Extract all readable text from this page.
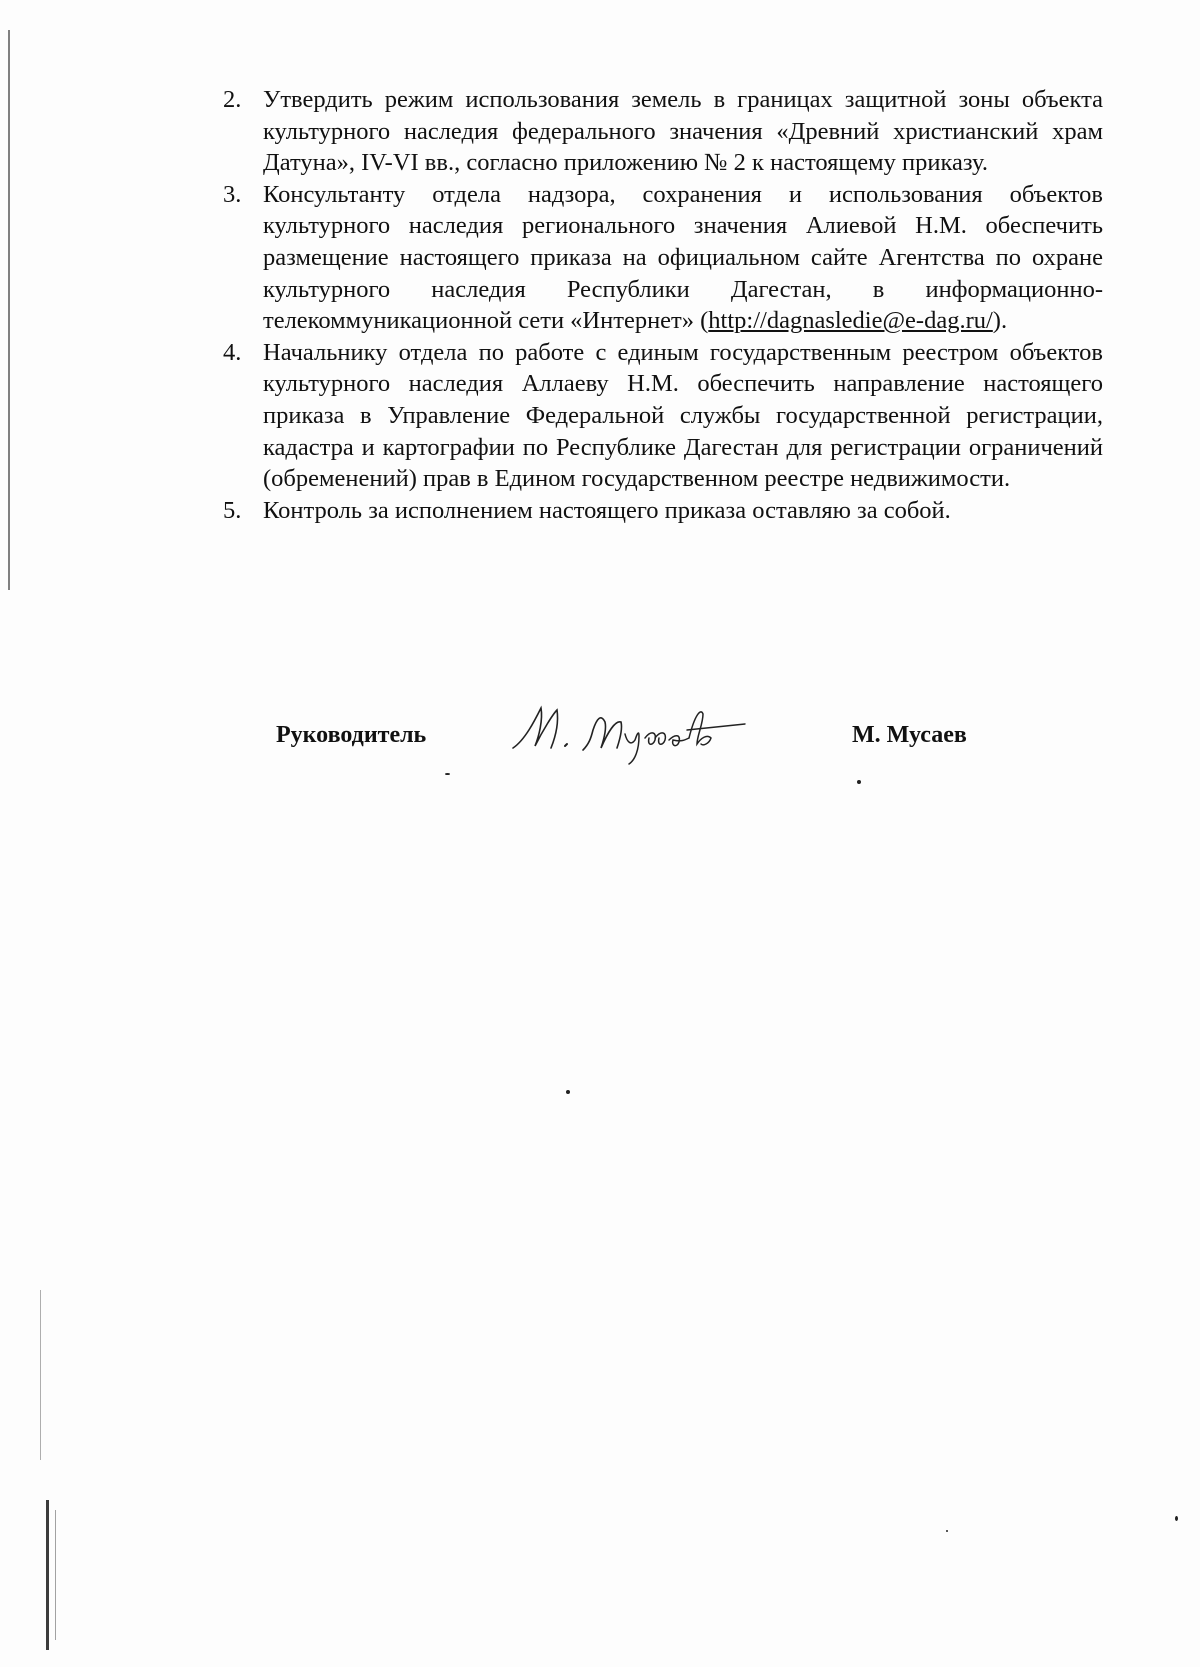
2. Утвердить режим использования земель в границах защитной зоны объекта культурного наследия федерального значения «Древний христианский храм Датуна», IV-VI вв., согласно приложению № 2 к настоящему приказу.
3. Консультанту отдела надзора, сохранения и использования объектов культурного наследия регионального значения Алиевой Н.М. обеспечить размещение настоящего приказа на официальном сайте Агентства по охране культурного наследия Республики Дагестан, в информационно-телекоммуникационной сети «Интернет» (http://dagnasledie@e-dag.ru/).
4. Начальнику отдела по работе с единым государственным реестром объектов культурного наследия Аллаеву Н.М. обеспечить направление настоящего приказа в Управление Федеральной службы государственной регистрации, кадастра и картографии по Республике Дагестан для регистрации ограничений (обременений) прав в Едином государственном реестре недвижимости.
5. Контроль за исполнением настоящего приказа оставляю за собой.
Руководитель	М. Мусаев
